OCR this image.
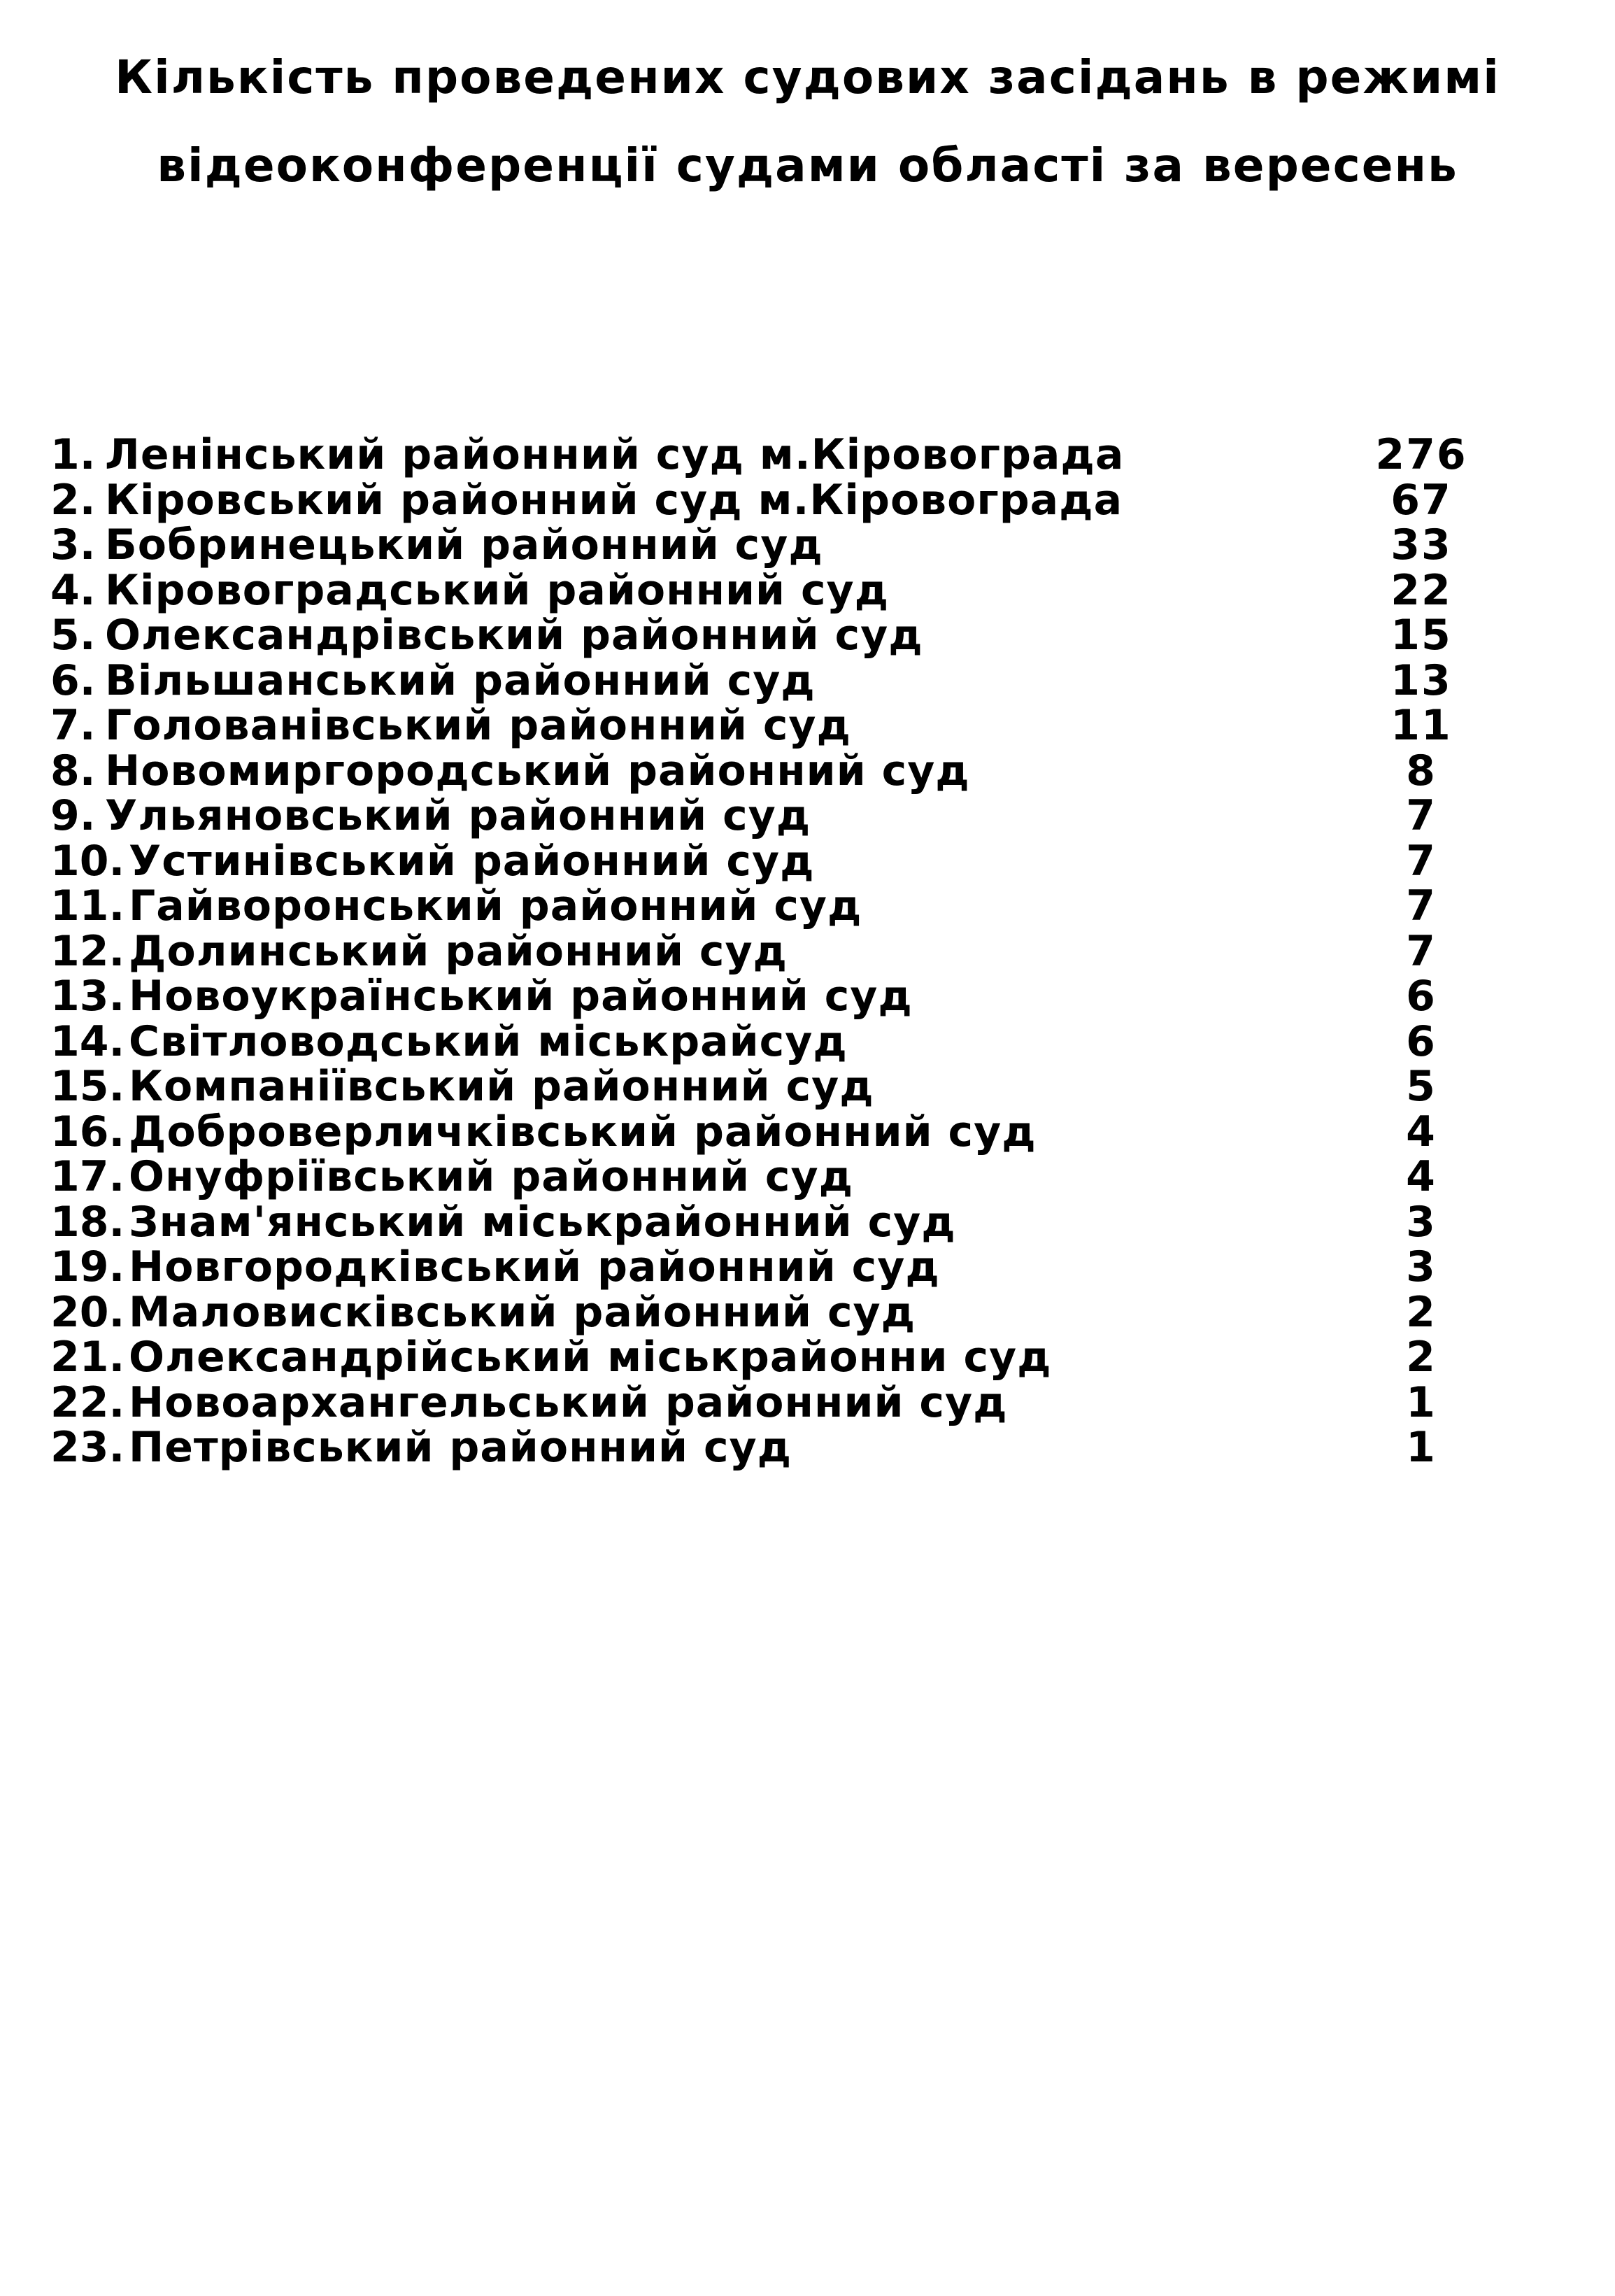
Кількість проведених судових засідань в режимі
відеоконференції судами області за вересень
1. Ленінський районний суд м.Кіровограда	276
2. Кіровський районний суд м.Кіровограда	67
3. Бобринецький районний суд	33
4. Кіровоградський районний суд	22
5. Олександрівський районний суд	15
6. Вільшанський районний суд	13
7. Голованівський районний суд	11
8. Новомиргородський районний суд	8
9. Ульяновський районний суд	7
10. Устинівський районний суд	7
11. Гайворонський районний суд	7
12. Долинський районний суд	7
13. Новоукраїнський районний суд	6
14. Світловодський міськрайсуд	6
15. Компаніївський районний суд	5
16. Доброверличківський районний суд	4
17. Онуфріївський районний суд	4
18. Знам'янський міськрайонний суд	3
19. Новгородківський районний суд	3
20. Маловисківський районний суд	2
21. Олександрійський міськрайонни суд	2
22. Новоархангельський районний суд	1
23. Петрівський районний суд	1
